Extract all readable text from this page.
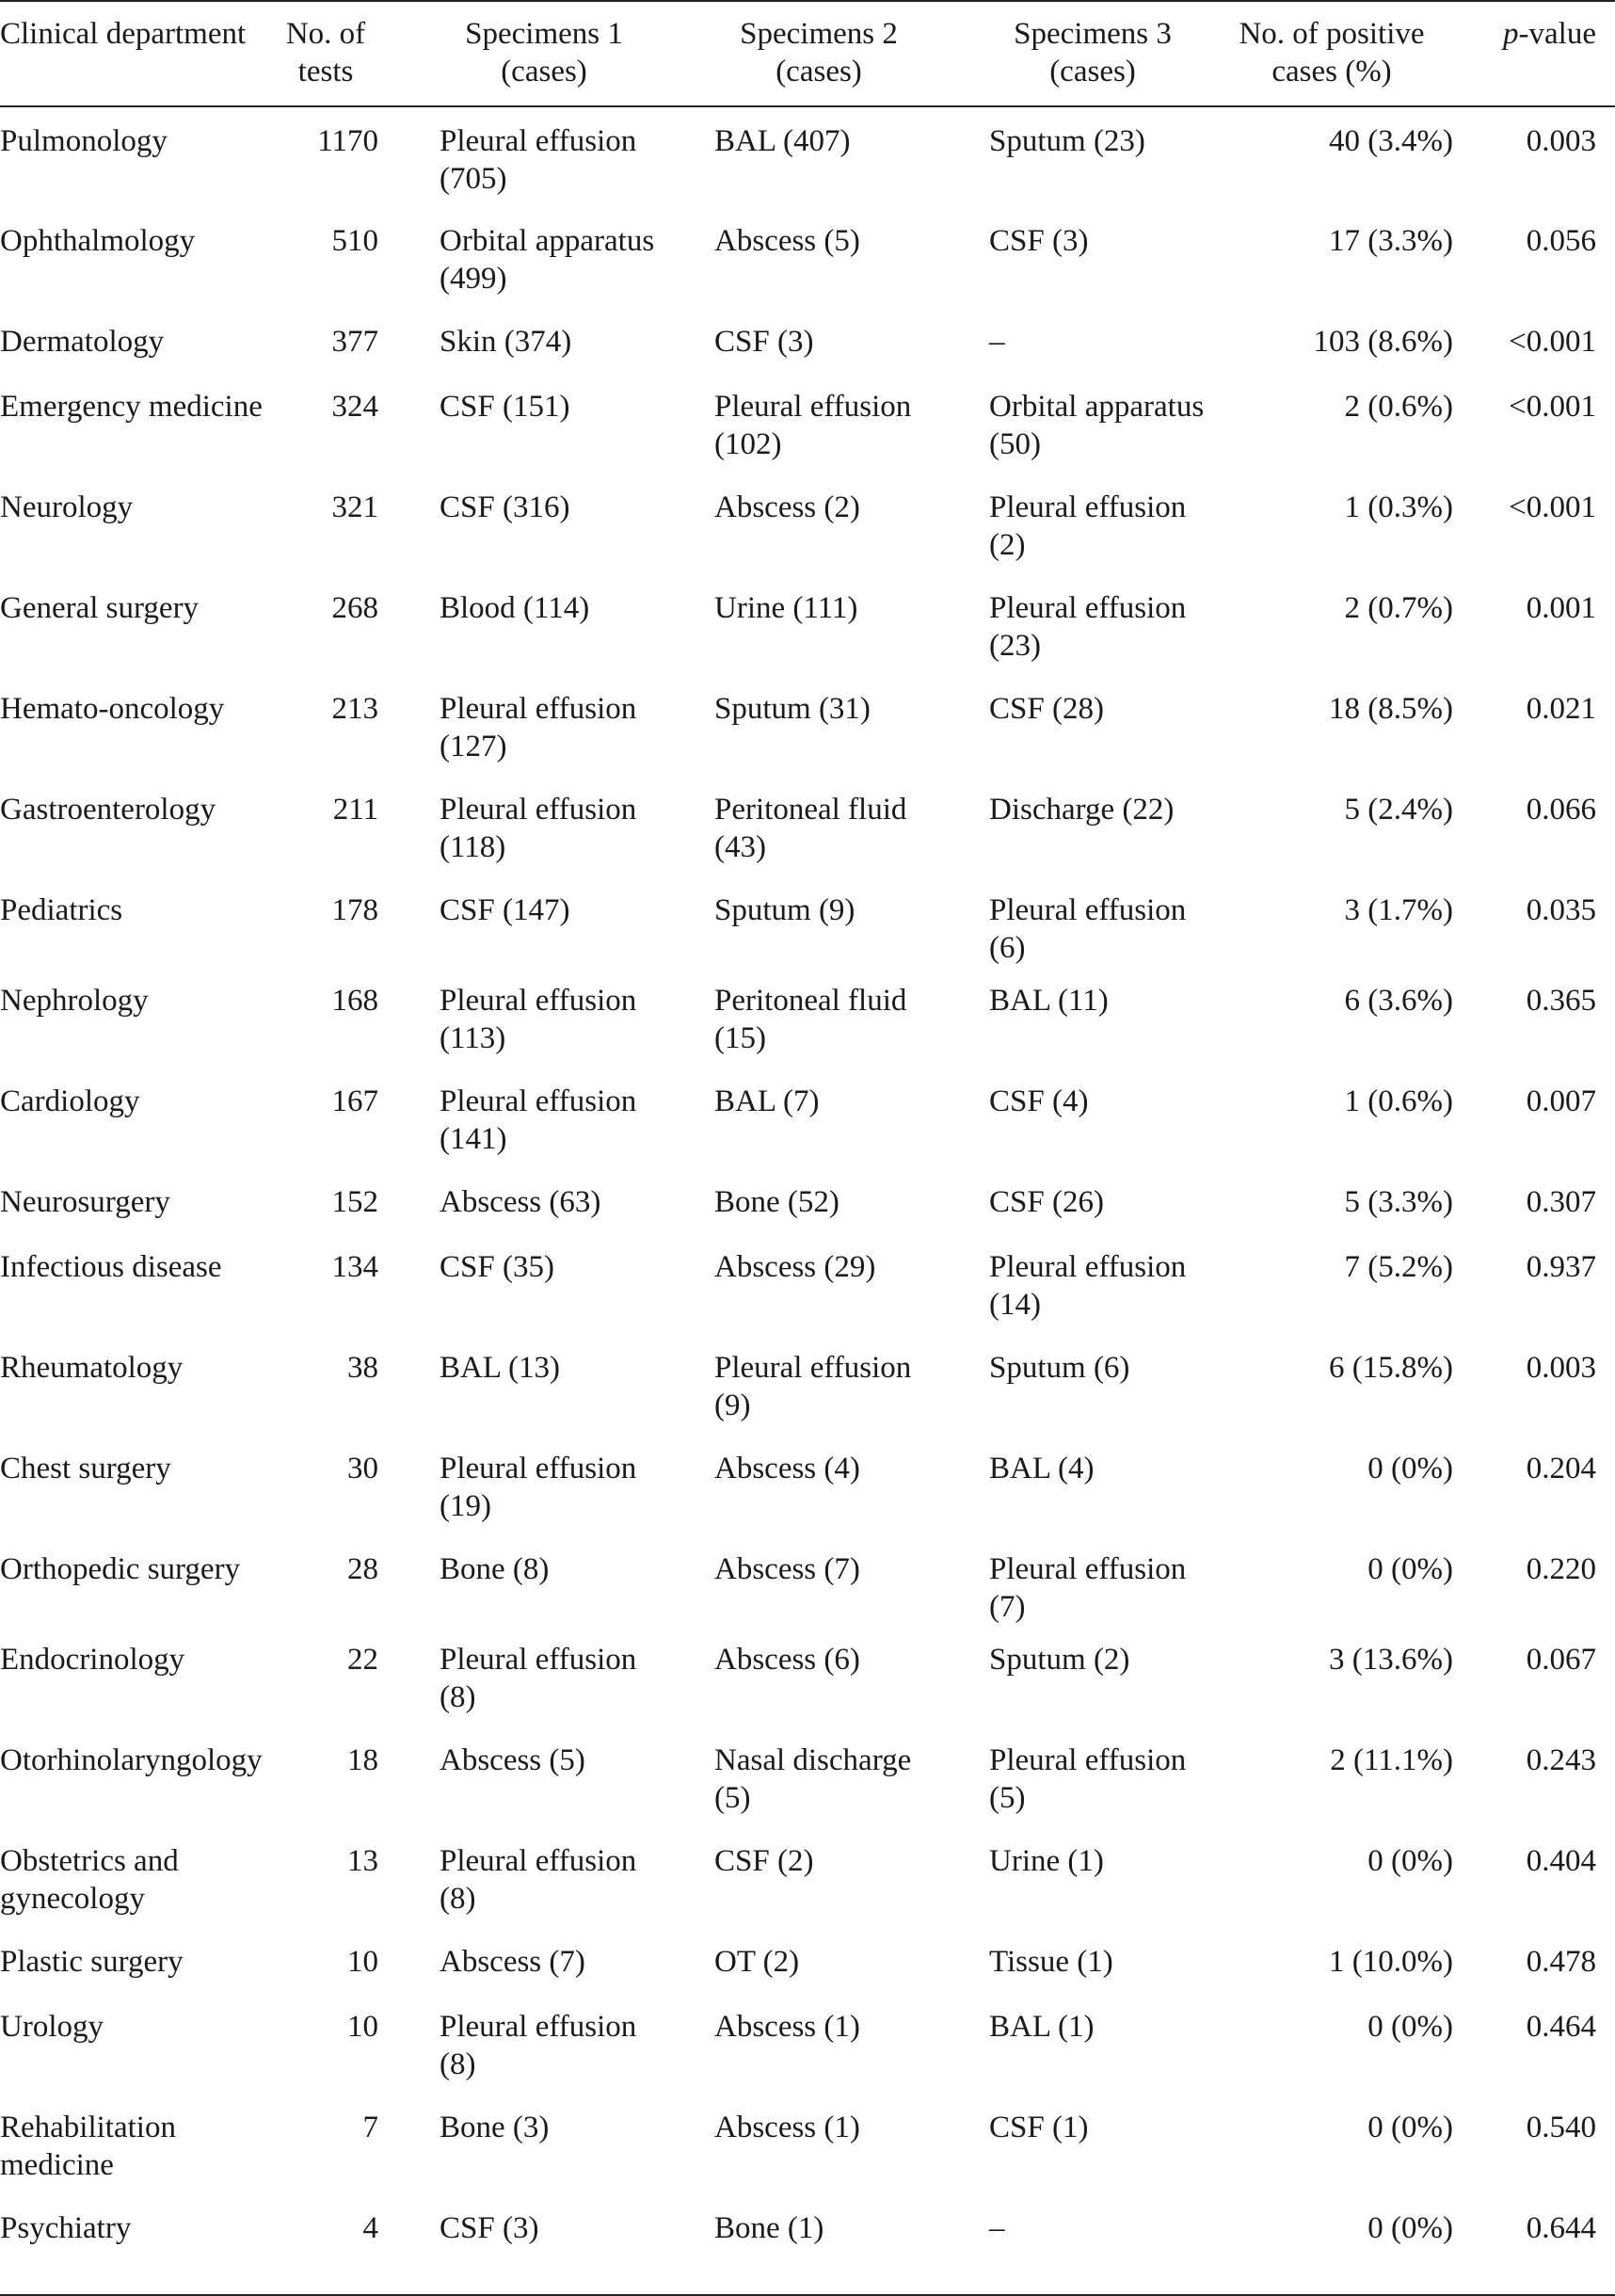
Clinical department	No. of tests	Specimens 1 (cases)	Specimens 2 (cases)	Specimens 3 (cases)	No. of positive cases (%)	p-value
Pulmonology	1170	Pleural effusion (705)	BAL (407)	Sputum (23)	40 (3.4%)	0.003
Ophthalmology	510	Orbital apparatus (499)	Abscess (5)	CSF (3)	17 (3.3%)	0.056
Dermatology	377	Skin (374)	CSF (3)	–	103 (8.6%)	<0.001
Emergency medicine	324	CSF (151)	Pleural effusion (102)	Orbital apparatus (50)	2 (0.6%)	<0.001
Neurology	321	CSF (316)	Abscess (2)	Pleural effusion (2)	1 (0.3%)	<0.001
General surgery	268	Blood (114)	Urine (111)	Pleural effusion (23)	2 (0.7%)	0.001
Hemato-oncology	213	Pleural effusion (127)	Sputum (31)	CSF (28)	18 (8.5%)	0.021
Gastroenterology	211	Pleural effusion (118)	Peritoneal fluid (43)	Discharge (22)	5 (2.4%)	0.066
Pediatrics	178	CSF (147)	Sputum (9)	Pleural effusion (6)	3 (1.7%)	0.035
Nephrology	168	Pleural effusion (113)	Peritoneal fluid (15)	BAL (11)	6 (3.6%)	0.365
Cardiology	167	Pleural effusion (141)	BAL (7)	CSF (4)	1 (0.6%)	0.007
Neurosurgery	152	Abscess (63)	Bone (52)	CSF (26)	5 (3.3%)	0.307
Infectious disease	134	CSF (35)	Abscess (29)	Pleural effusion (14)	7 (5.2%)	0.937
Rheumatology	38	BAL (13)	Pleural effusion (9)	Sputum (6)	6 (15.8%)	0.003
Chest surgery	30	Pleural effusion (19)	Abscess (4)	BAL (4)	0 (0%)	0.204
Orthopedic surgery	28	Bone (8)	Abscess (7)	Pleural effusion (7)	0 (0%)	0.220
Endocrinology	22	Pleural effusion (8)	Abscess (6)	Sputum (2)	3 (13.6%)	0.067
Otorhinolaryngology	18	Abscess (5)	Nasal discharge (5)	Pleural effusion (5)	2 (11.1%)	0.243
Obstetrics and gynecology	13	Pleural effusion (8)	CSF (2)	Urine (1)	0 (0%)	0.404
Plastic surgery	10	Abscess (7)	OT (2)	Tissue (1)	1 (10.0%)	0.478
Urology	10	Pleural effusion (8)	Abscess (1)	BAL (1)	0 (0%)	0.464
Rehabilitation medicine	7	Bone (3)	Abscess (1)	CSF (1)	0 (0%)	0.540
Psychiatry	4	CSF (3)	Bone (1)	–	0 (0%)	0.644
